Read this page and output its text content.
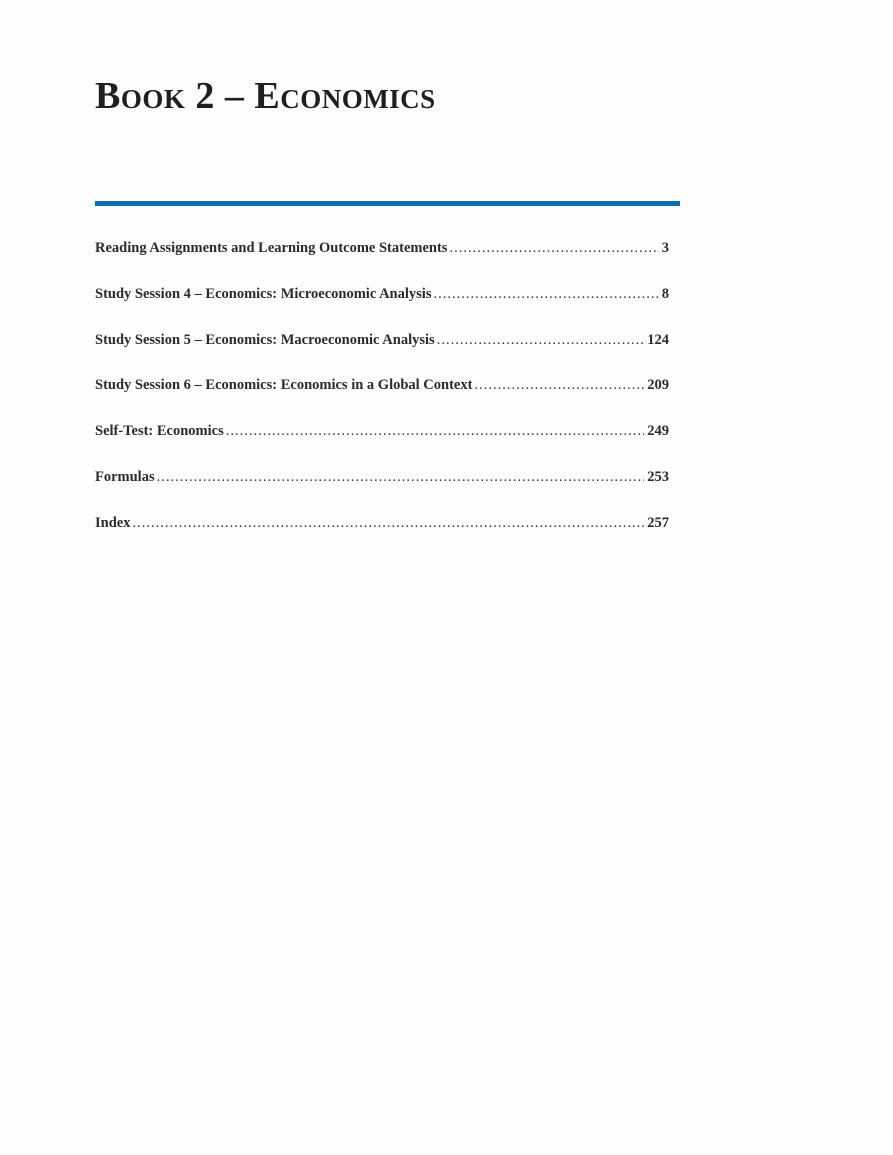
Book 2 – Economics
Reading Assignments and Learning Outcome Statements .....	3
Study Session 4 – Economics: Microeconomic Analysis .....	8
Study Session 5 – Economics: Macroeconomic Analysis .....	124
Study Session 6 – Economics: Economics in a Global Context .....	209
Self-Test: Economics .....	249
Formulas .....	253
Index .....	257
